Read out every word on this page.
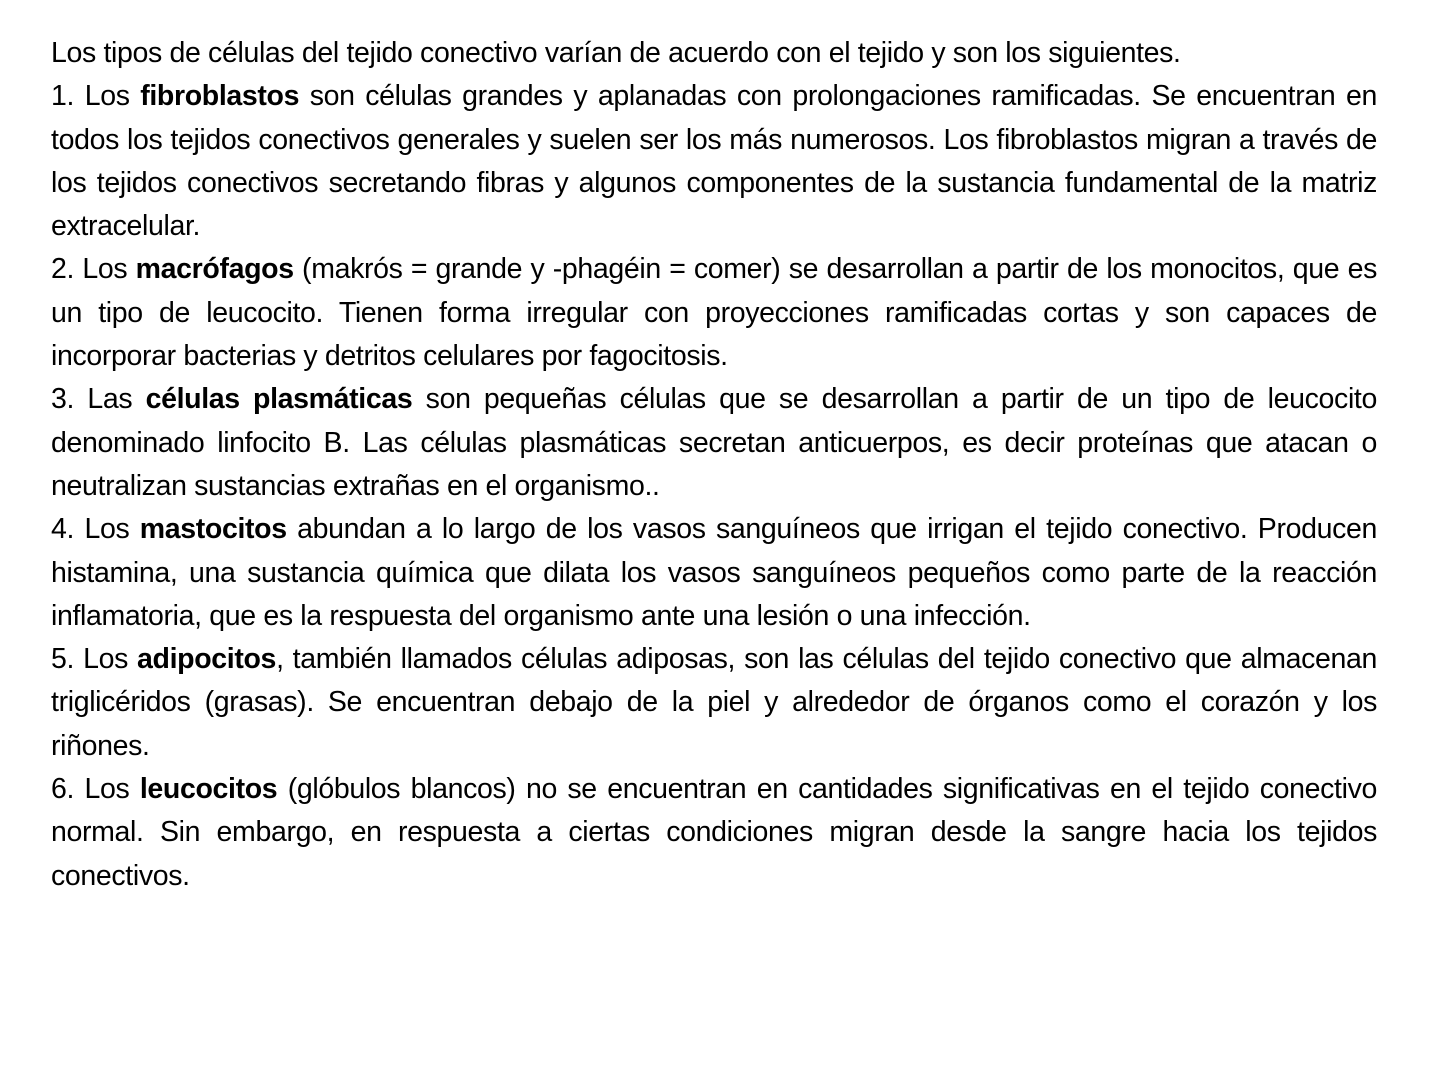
Los tipos de células del tejido conectivo varían de acuerdo con el tejido y son los siguientes.

1. Los fibroblastos son células grandes y aplanadas con prolongaciones ramificadas. Se encuentran en todos los tejidos conectivos generales y suelen ser los más numerosos. Los fibroblastos migran a través de los tejidos conectivos secretando fibras y algunos componentes de la sustancia fundamental de la matriz extracelular.

2. Los macrófagos (makrós = grande y -phagéin = comer) se desarrollan a partir de los monocitos, que es un tipo de leucocito. Tienen forma irregular con proyecciones ramificadas cortas y son capaces de incorporar bacterias y detritos celulares por fagocitosis.

3. Las células plasmáticas son pequeñas células que se desarrollan a partir de un tipo de leucocito denominado linfocito B. Las células plasmáticas secretan anticuerpos, es decir proteínas que atacan o neutralizan sustancias extrañas en el organismo..

4. Los mastocitos abundan a lo largo de los vasos sanguíneos que irrigan el tejido conectivo. Producen histamina, una sustancia química que dilata los vasos sanguíneos pequeños como parte de la reacción inflamatoria, que es la respuesta del organismo ante una lesión o una infección.

5. Los adipocitos, también llamados células adiposas, son las células del tejido conectivo que almacenan triglicéridos (grasas). Se encuentran debajo de la piel y alrededor de órganos como el corazón y los riñones.

6. Los leucocitos (glóbulos blancos) no se encuentran en cantidades significativas en el tejido conectivo normal. Sin embargo, en respuesta a ciertas condiciones migran desde la sangre hacia los tejidos conectivos.
